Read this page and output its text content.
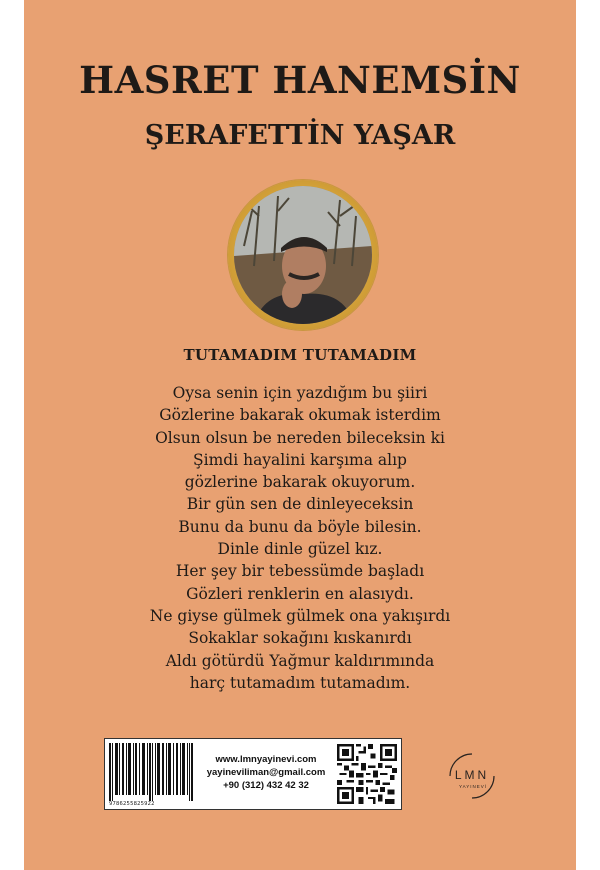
HASRET HANEMSİN
ŞERAFETTİN YAŞAR
TUTAMADIM TUTAMADIM
Oysa senin için yazdığım bu şiiri
Gözlerine bakarak okumak isterdim
Olsun olsun be nereden bileceksin ki
Şimdi hayalini karşıma alıp
gözlerine bakarak okuyorum.
Bir gün sen de dinleyeceksin
Bunu da bunu da böyle bilesin.
Dinle dinle güzel kız.
Her şey bir tebessümde başladı
Gözleri renklerin en alasıydı.
Ne giyse gülmek gülmek ona yakışırdı
Sokaklar sokağını kıskanırdı
Aldı götürdü Yağmur kaldırımında
harç tutamadım tutamadım.
9786255825922
www.lmnyayinevi.com
yayineviliman@gmail.com
+90 (312) 432 42 32
LMN
YAYINEVİ
